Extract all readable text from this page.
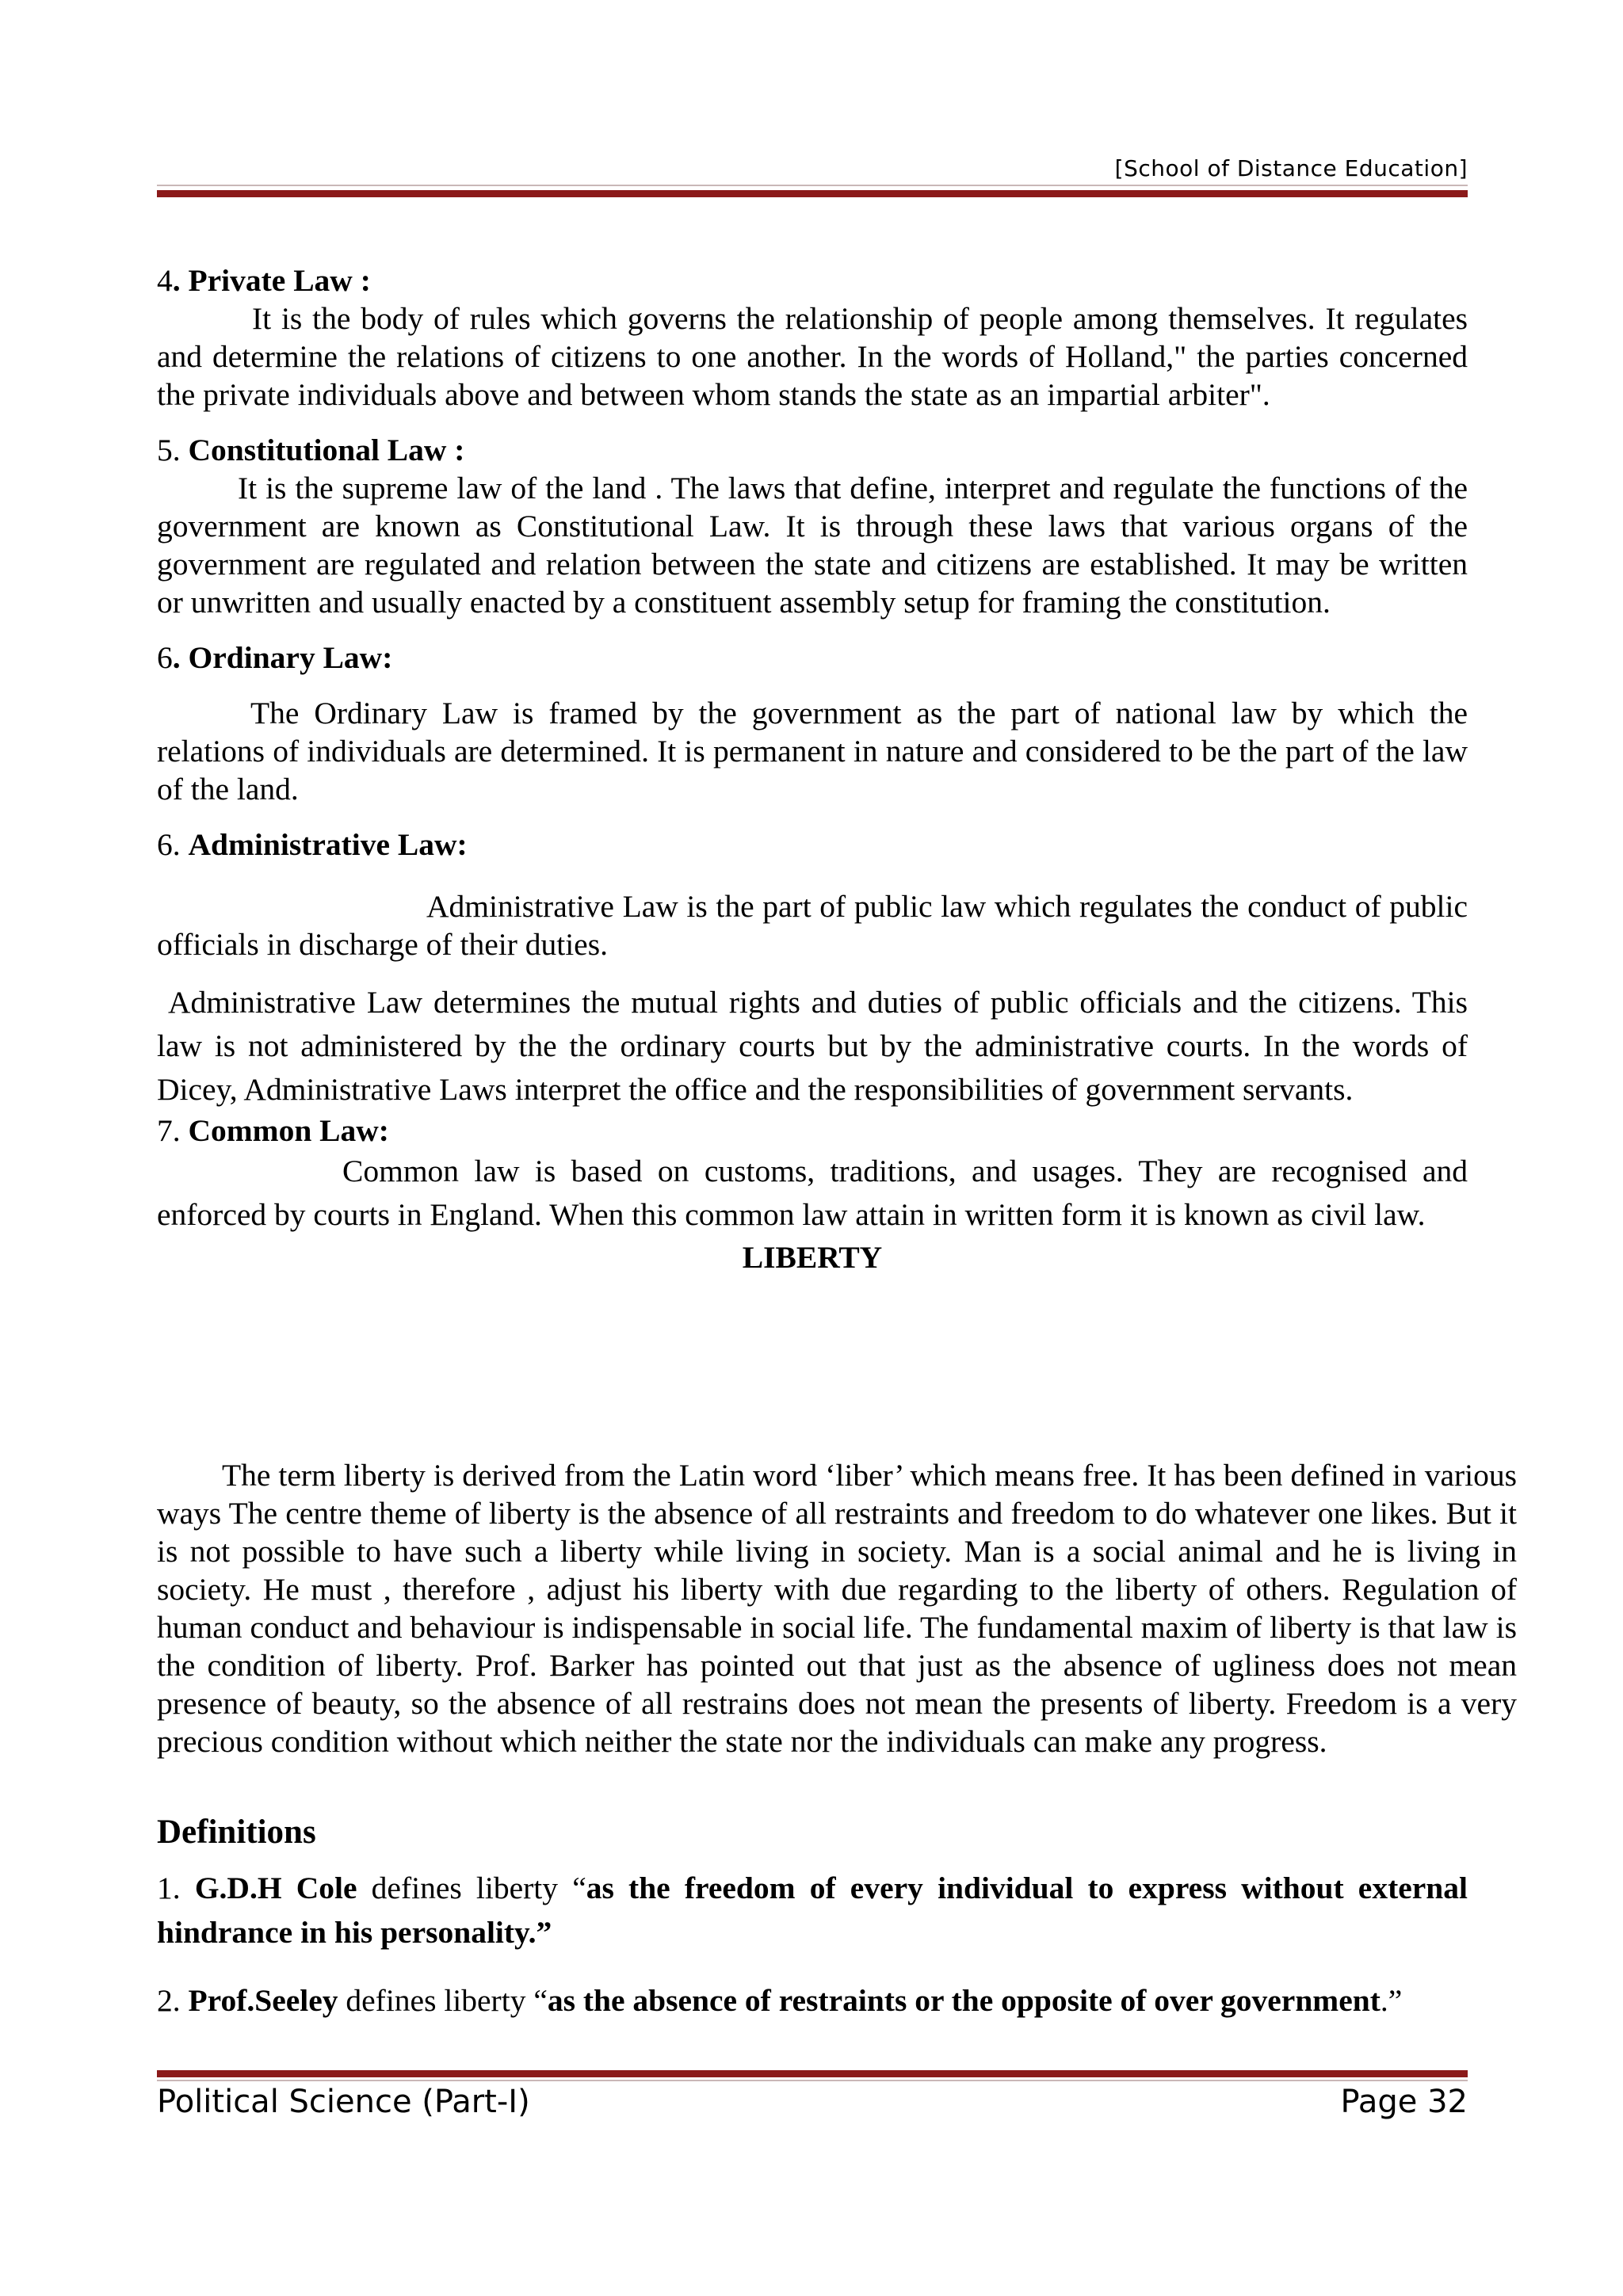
[School of Distance Education]
4. Private Law :

It is the body of rules which governs the relationship of people among themselves. It regulates and determine the relations of citizens to one another. In the words of Holland," the parties concerned the private individuals above and between whom stands the state as an impartial arbiter".

5. Constitutional Law :

It is the supreme law of the land . The laws that define, interpret and regulate the functions of the government are known as Constitutional Law. It is through these laws that various organs of the government are regulated and relation between the state and citizens are established. It may be written or unwritten and usually enacted by a constituent assembly setup for framing the constitution.

6. Ordinary Law:

The Ordinary Law is framed by the government as the part of national law by which the relations of individuals are determined. It is permanent in nature and considered to be the part of the law of the land.

6. Administrative Law:

Administrative Law is the part of public law which regulates the conduct of public officials in discharge of their duties.

Administrative Law determines the mutual rights and duties of public officials and the citizens. This law is not administered by the the ordinary courts but by the administrative courts. In the words of Dicey, Administrative Laws interpret the office and the responsibilities of government servants.

7. Common Law:

Common law is based on customs, traditions, and usages. They are recognised and enforced by courts in England. When this common law attain in written form it is known as civil law.

LIBERTY

The term liberty is derived from the Latin word ‘liber’ which means free. It has been defined in various ways The centre theme of liberty is the absence of all restraints and freedom to do whatever one likes. But it is not possible to have such a liberty while living in society. Man is a social animal and he is living in society. He must , therefore , adjust his liberty with due regarding to the liberty of others. Regulation of human conduct and behaviour is indispensable in social life. The fundamental maxim of liberty is that law is the condition of liberty. Prof. Barker has pointed out that just as the absence of ugliness does not mean presence of beauty, so the absence of all restrains does not mean the presents of liberty. Freedom is a very precious condition without which neither the state nor the individuals can make any progress.

Definitions
1. G.D.H Cole defines liberty “as the freedom of every individual to express without external hindrance in his personality.”
2. Prof.Seeley defines liberty “as the absence of restraints or the opposite of over government.”
Political Science (Part-I)	Page 32
